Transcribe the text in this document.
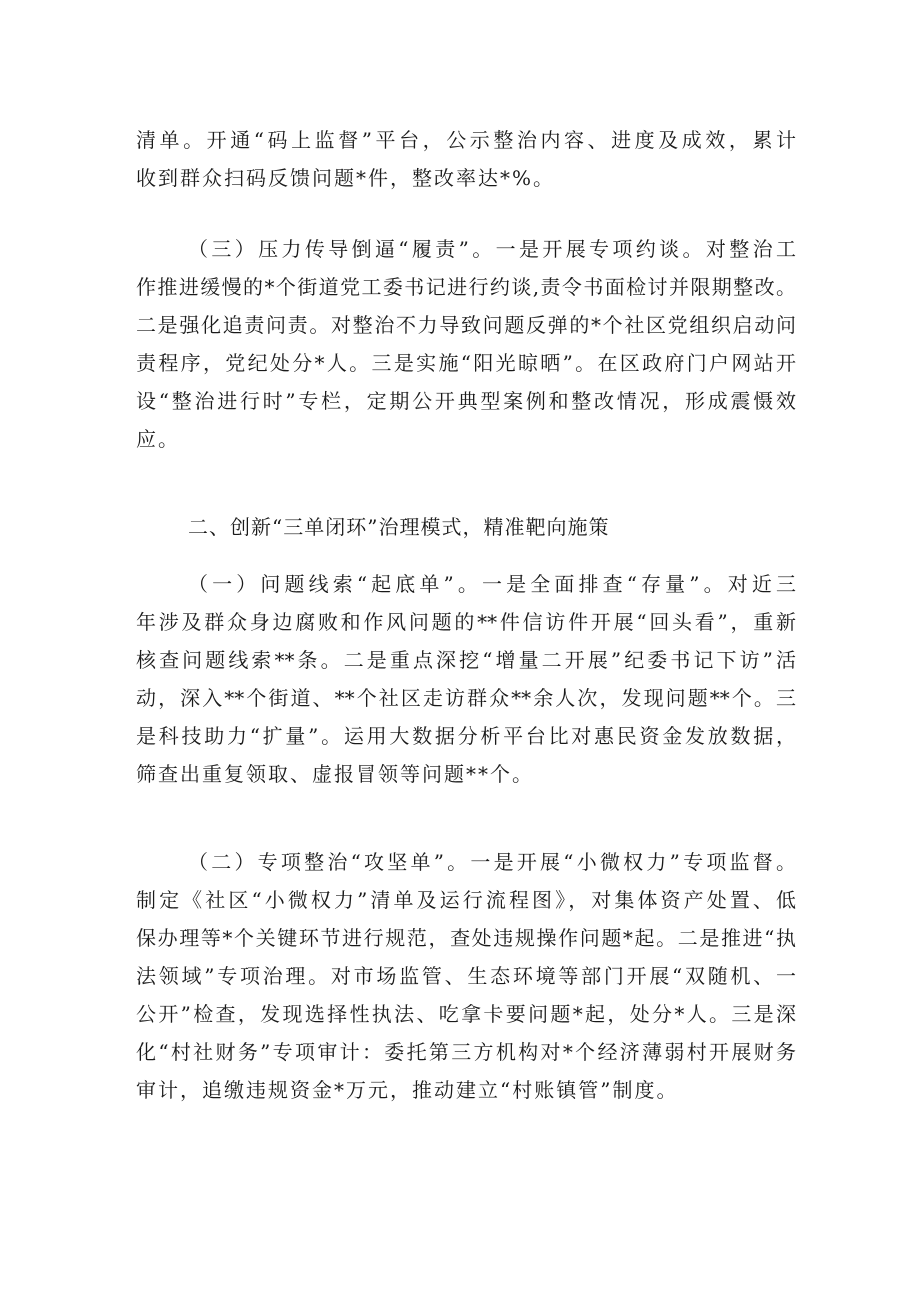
清单。开通“码上监督”平台，公示整治内容、进度及成效，累计
收到群众扫码反馈问题*件，整改率达*%。
（三）压力传导倒逼“履责”。一是开展专项约谈。对整治工
作推进缓慢的*个街道党工委书记进行约谈,责令书面检讨并限期整改。
二是强化追责问责。对整治不力导致问题反弹的*个社区党组织启动问
责程序，党纪处分*人。三是实施“阳光晾晒”。在区政府门户网站开
设“整治进行时”专栏，定期公开典型案例和整改情况，形成震慑效
应。
二、创新“三单闭环”治理模式，精准靶向施策
（一）问题线索“起底单”。一是全面排查“存量”。对近三
年涉及群众身边腐败和作风问题的**件信访件开展“回头看”，重新
核查问题线索**条。二是重点深挖“增量二开展”纪委书记下访”活
动，深入**个街道、**个社区走访群众**余人次，发现问题**个。三
是科技助力“扩量”。运用大数据分析平台比对惠民资金发放数据，
筛查出重复领取、虚报冒领等问题**个。
（二）专项整治“攻坚单”。一是开展“小微权力”专项监督。
制定《社区“小微权力”清单及运行流程图》，对集体资产处置、低
保办理等*个关键环节进行规范，查处违规操作问题*起。二是推进“执
法领域”专项治理。对市场监管、生态环境等部门开展“双随机、一
公开”检查，发现选择性执法、吃拿卡要问题*起，处分*人。三是深
化“村社财务”专项审计：委托第三方机构对*个经济薄弱村开展财务
审计，追缴违规资金*万元，推动建立“村账镇管”制度。
